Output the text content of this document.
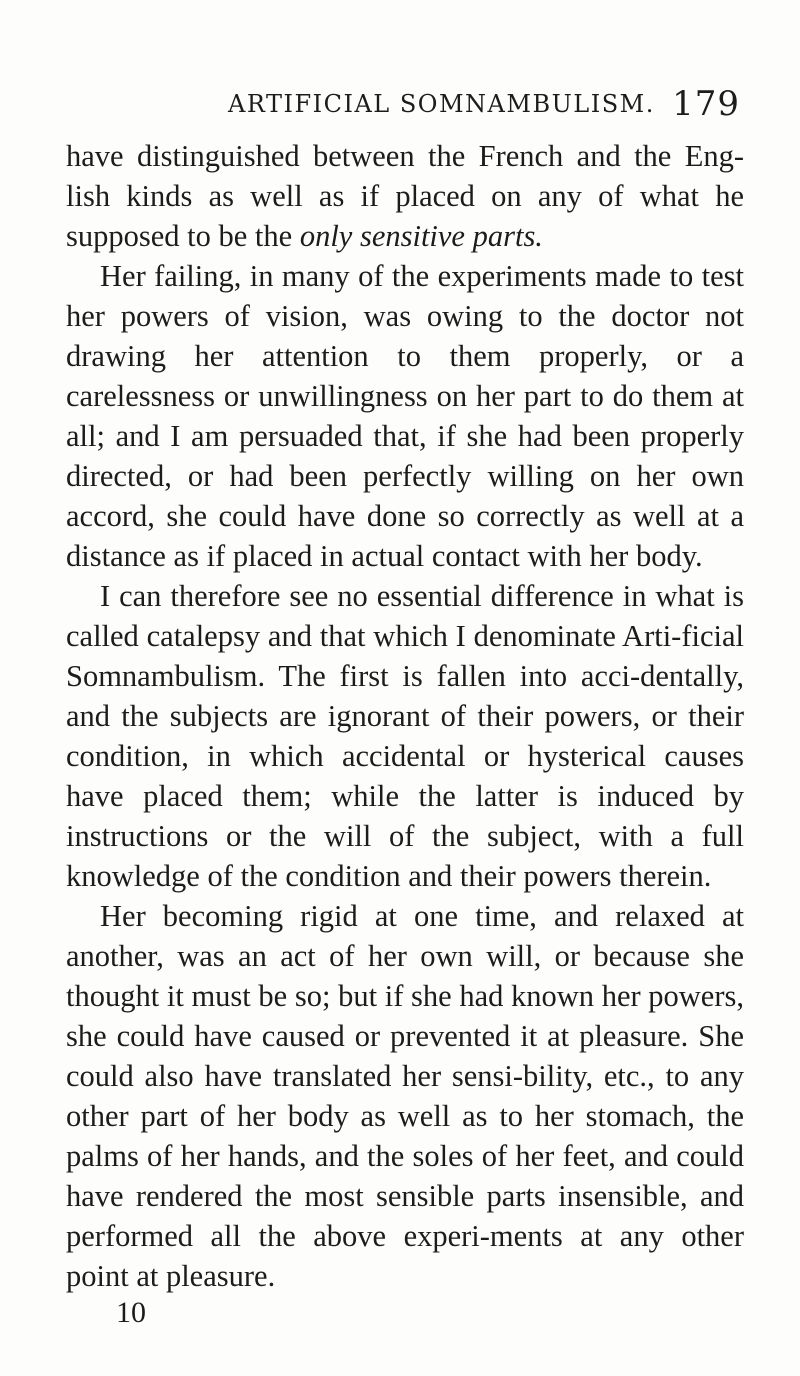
ARTIFICIAL SOMNAMBULISM. 179

have distinguished between the French and the Eng-lish kinds as well as if placed on any of what he supposed to be the only sensitive parts.

Her failing, in many of the experiments made to test her powers of vision, was owing to the doctor not drawing her attention to them properly, or a carelessness or unwillingness on her part to do them at all; and I am persuaded that, if she had been properly directed, or had been perfectly willing on her own accord, she could have done so correctly as well at a distance as if placed in actual contact with her body.

I can therefore see no essential difference in what is called catalepsy and that which I denominate Arti-ficial Somnambulism. The first is fallen into acci-dentally, and the subjects are ignorant of their powers, or their condition, in which accidental or hysterical causes have placed them; while the latter is induced by instructions or the will of the subject, with a full knowledge of the condition and their powers therein.

Her becoming rigid at one time, and relaxed at another, was an act of her own will, or because she thought it must be so; but if she had known her powers, she could have caused or prevented it at pleasure. She could also have translated her sensi-bility, etc., to any other part of her body as well as to her stomach, the palms of her hands, and the soles of her feet, and could have rendered the most sensible parts insensible, and performed all the above experi-ments at any other point at pleasure.

10
